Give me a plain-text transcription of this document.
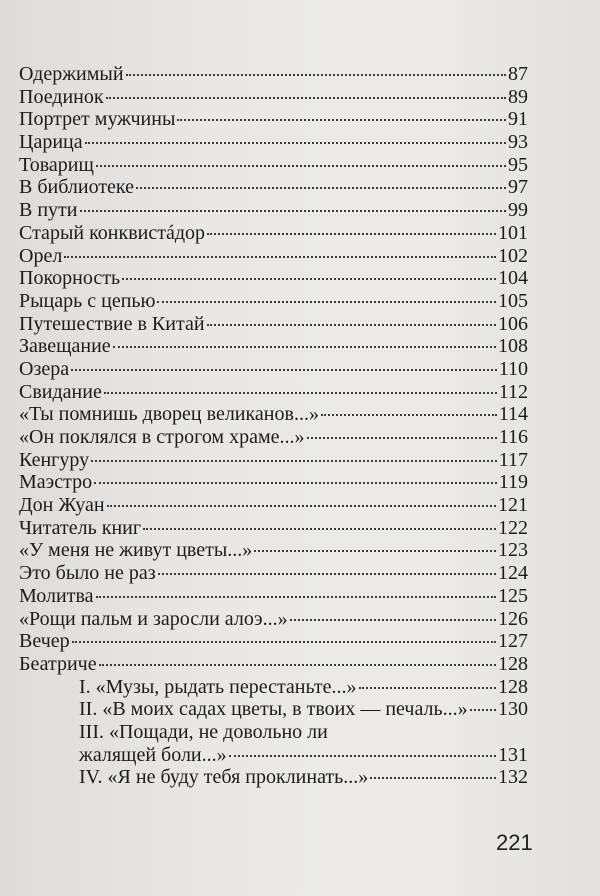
Одержимый	87
Поединок	89
Портрет мужчины	91
Царица	93
Товарищ	95
В библиотеке	97
В пути	99
Старый конквистáдор	101
Орел	102
Покорность	104
Рыцарь с цепью	105
Путешествие в Китай	106
Завещание	108
Озера	110
Свидание	112
«Ты помнишь дворец великанов...»	114
«Он поклялся в строгом храме...»	116
Кенгуру	117
Маэстро	119
Дон Жуан	121
Читатель книг	122
«У меня не живут цветы...»	123
Это было не раз	124
Молитва	125
«Рощи пальм и заросли алоэ...»	126
Вечер	127
Беатриче	128
I. «Музы, рыдать перестаньте...»	128
II. «В моих садах цветы, в твоих — печаль...» 130
III. «Пощади, не довольно ли
жалящей боли...»	131
IV. «Я не буду тебя проклинать...»	132
221
